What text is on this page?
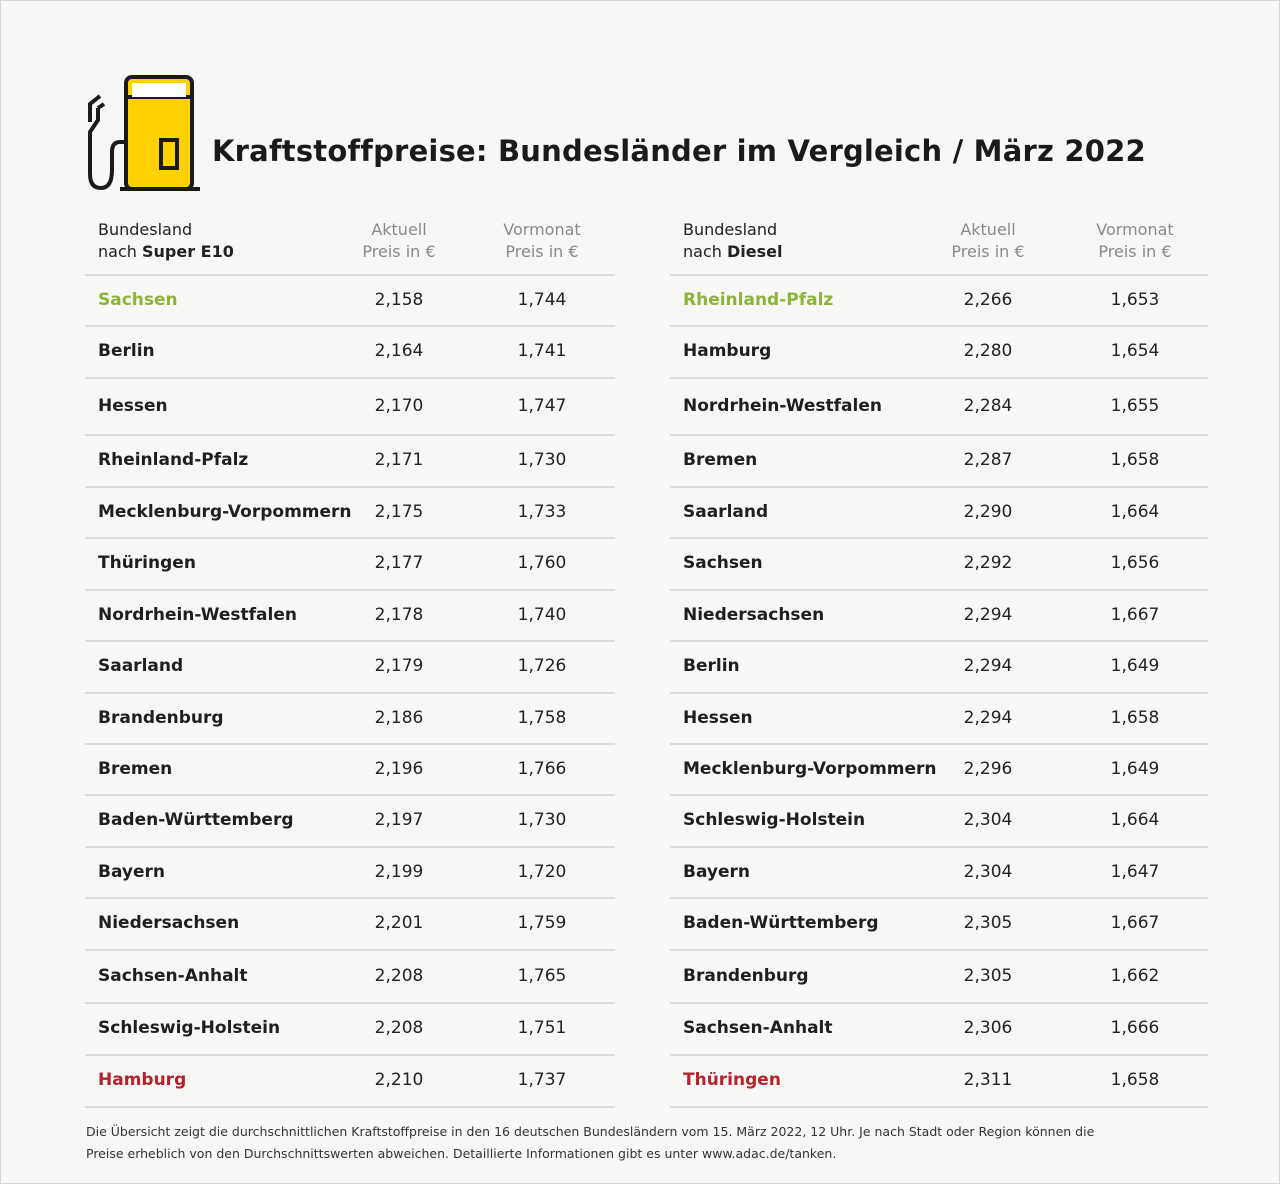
Kraftstoffpreise: Bundesländer im Vergleich / März 2022
Bundesland
nach Super E10
Aktuell
Preis in €
Vormonat
Preis in €
Sachsen	2,158	1,744
Berlin	2,164	1,741
Hessen	2,170	1,747
Rheinland-Pfalz	2,171	1,730
Mecklenburg-Vorpommern	2,175	1,733
Thüringen	2,177	1,760
Nordrhein-Westfalen	2,178	1,740
Saarland	2,179	1,726
Brandenburg	2,186	1,758
Bremen	2,196	1,766
Baden-Württemberg	2,197	1,730
Bayern	2,199	1,720
Niedersachsen	2,201	1,759
Sachsen-Anhalt	2,208	1,765
Schleswig-Holstein	2,208	1,751
Hamburg	2,210	1,737
Bundesland
nach Diesel
Aktuell
Preis in €
Vormonat
Preis in €
Rheinland-Pfalz	2,266	1,653
Hamburg	2,280	1,654
Nordrhein-Westfalen	2,284	1,655
Bremen	2,287	1,658
Saarland	2,290	1,664
Sachsen	2,292	1,656
Niedersachsen	2,294	1,667
Berlin	2,294	1,649
Hessen	2,294	1,658
Mecklenburg-Vorpommern	2,296	1,649
Schleswig-Holstein	2,304	1,664
Bayern	2,304	1,647
Baden-Württemberg	2,305	1,667
Brandenburg	2,305	1,662
Sachsen-Anhalt	2,306	1,666
Thüringen	2,311	1,658
Die Übersicht zeigt die durchschnittlichen Kraftstoffpreise in den 16 deutschen Bundesländern vom 15. März 2022, 12 Uhr. Je nach Stadt oder Region können die
Preise erheblich von den Durchschnittswerten abweichen. Detaillierte Informationen gibt es unter www.adac.de/tanken.
